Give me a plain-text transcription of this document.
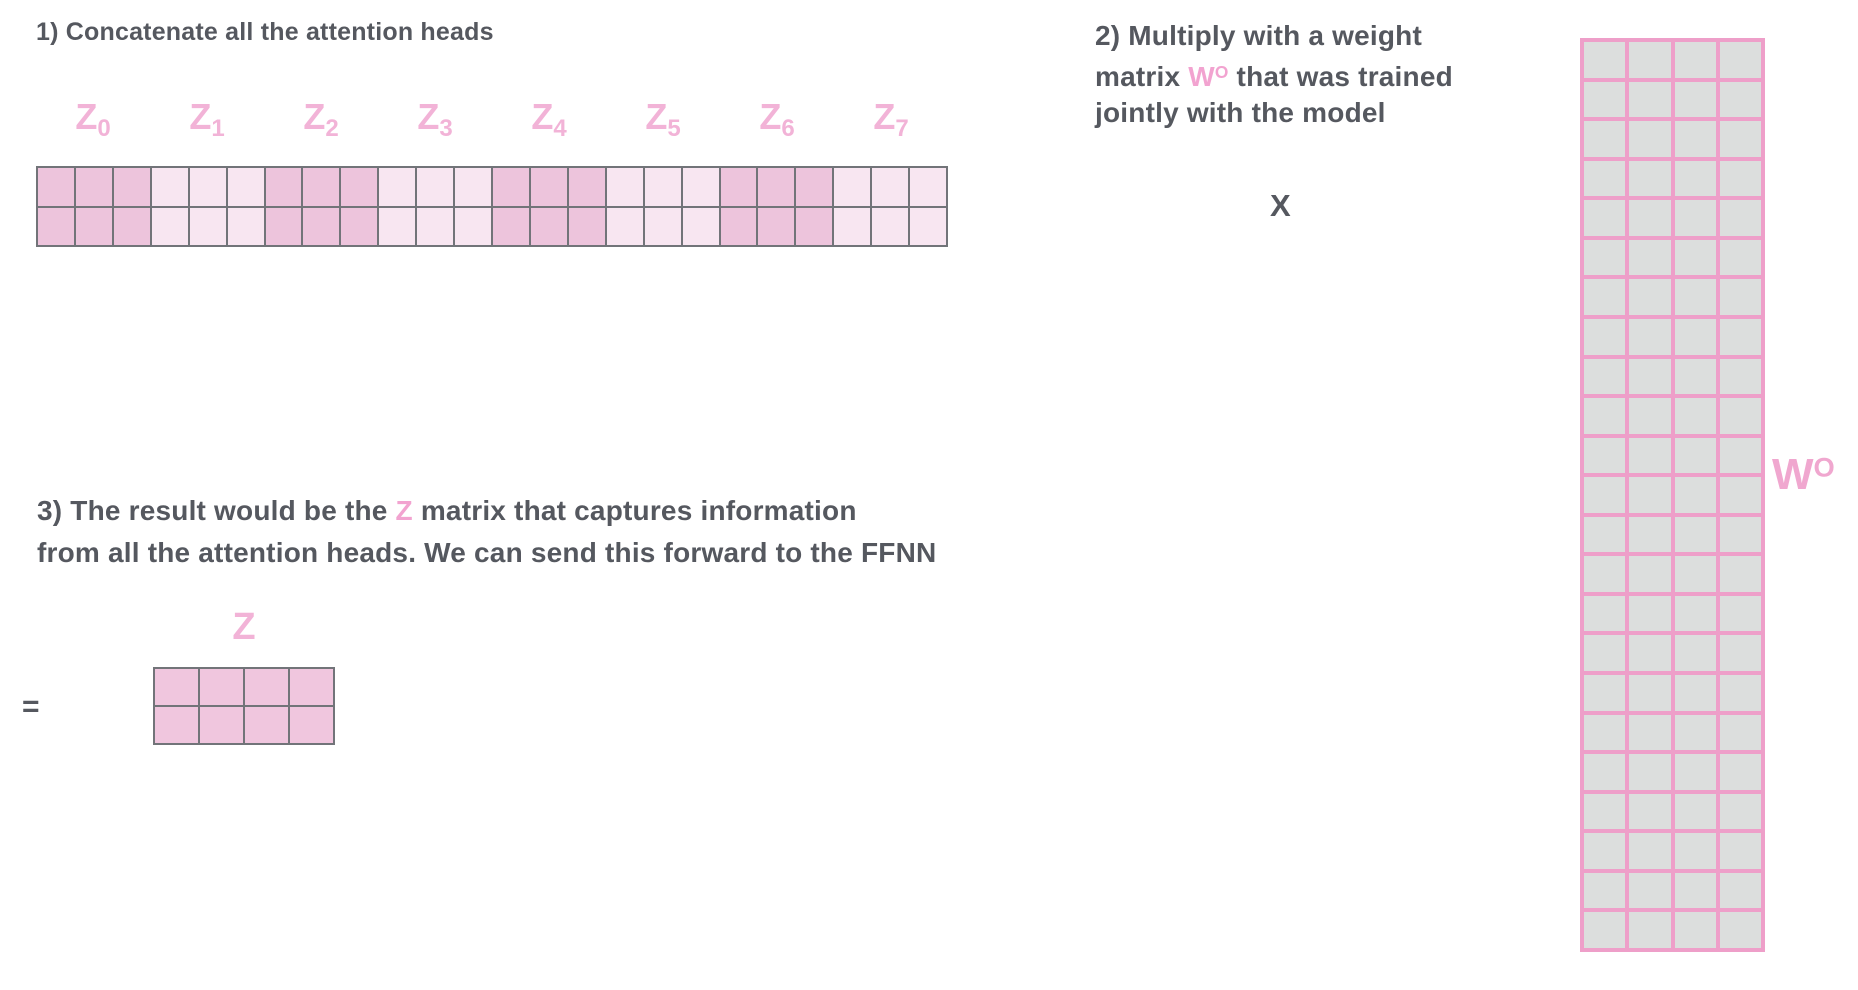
1) Concatenate all the attention heads
$Z_0$	$Z_1$	$Z_2$	$Z_3$	$Z_4$	$Z_5$	$Z_6$	$Z_7$
2) Multiply with a weight
matrix $W^O$ that was trained
jointly with the model
X
$W^O$
3) The result would be the Z matrix that captures information
from all the attention heads. We can send this forward to the FFNN
=
Z
